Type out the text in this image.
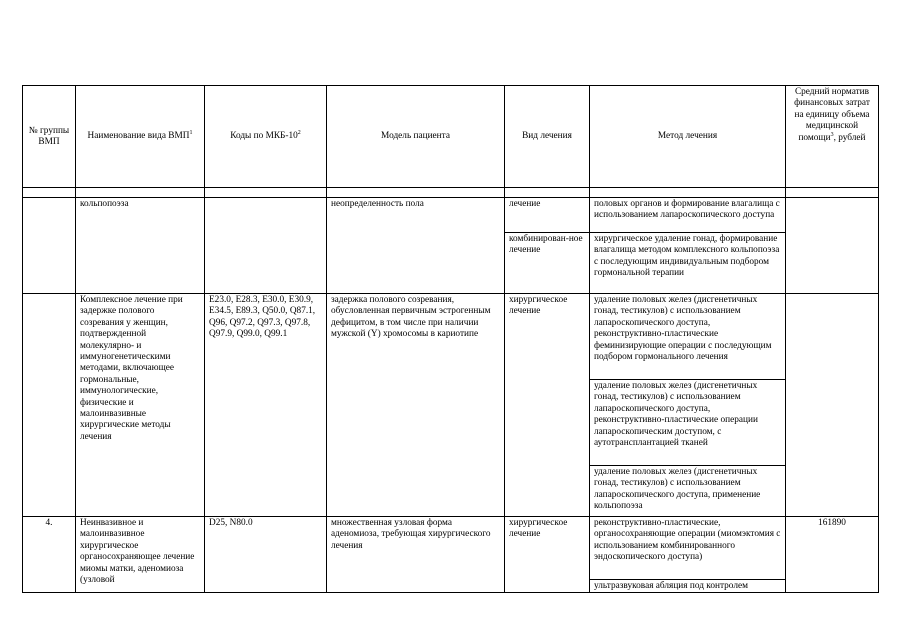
№ группы ВМП	Наименование вида ВМП$^1$	Коды по МКБ-$10^2$	Модель пациента	Вид лечения	Метод лечения	Средний норматив финансовых затрат на единицу объема медицинской помощи$^3$, рублей

	кольпопоэза		неопределенность пола	лечение	половых органов и формирование влагалища с использованием лапароскопического доступа	
				комбинирован-ное лечение	хирургическое удаление гонад, формирование влагалища методом комплексного кольпопоэза с последующим индивидуальным подбором гормональной терапии	
	Комплексное лечение при задержке полового созревания у женщин, подтвержденной молекулярно- и иммуногенетическими методами, включающее гормональные, иммунологические, физические и малоинвазивные хирургические методы лечения	E23.0, E28.3, E30.0, E30.9, E34.5, E89.3, Q50.0, Q87.1, Q96, Q97.2, Q97.3, Q97.8, Q97.9, Q99.0, Q99.1	задержка полового созревания, обусловленная первичным эстрогенным дефицитом, в том числе при наличии мужской (Y) хромосомы в кариотипе	хирургическое лечение	удаление половых желез (дисгенетичных гонад, тестикулов) с использованием лапароскопического доступа, реконструктивно-пластические феминизирующие операции с последующим подбором гормонального лечения	
					удаление половых желез (дисгенетичных гонад, тестикулов) с использованием лапароскопического доступа, реконструктивно-пластические операции лапароскопическим доступом, с аутотрансплантацией тканей	
					удаление половых желез (дисгенетичных гонад, тестикулов) с использованием лапароскопического доступа, применение кольпопоэза	
4.	Неинвазивное и малоинвазивное хирургическое органосохраняющее лечение миомы матки, аденомиоза (узловой	D25, N80.0	множественная узловая форма аденомиоза, требующая хирургического лечения	хирургическое лечение	реконструктивно-пластические, органосохраняющие операции (миомэктомия с использованием комбинированного эндоскопического доступа)	161890
					ультразвуковая абляция под контролем	
